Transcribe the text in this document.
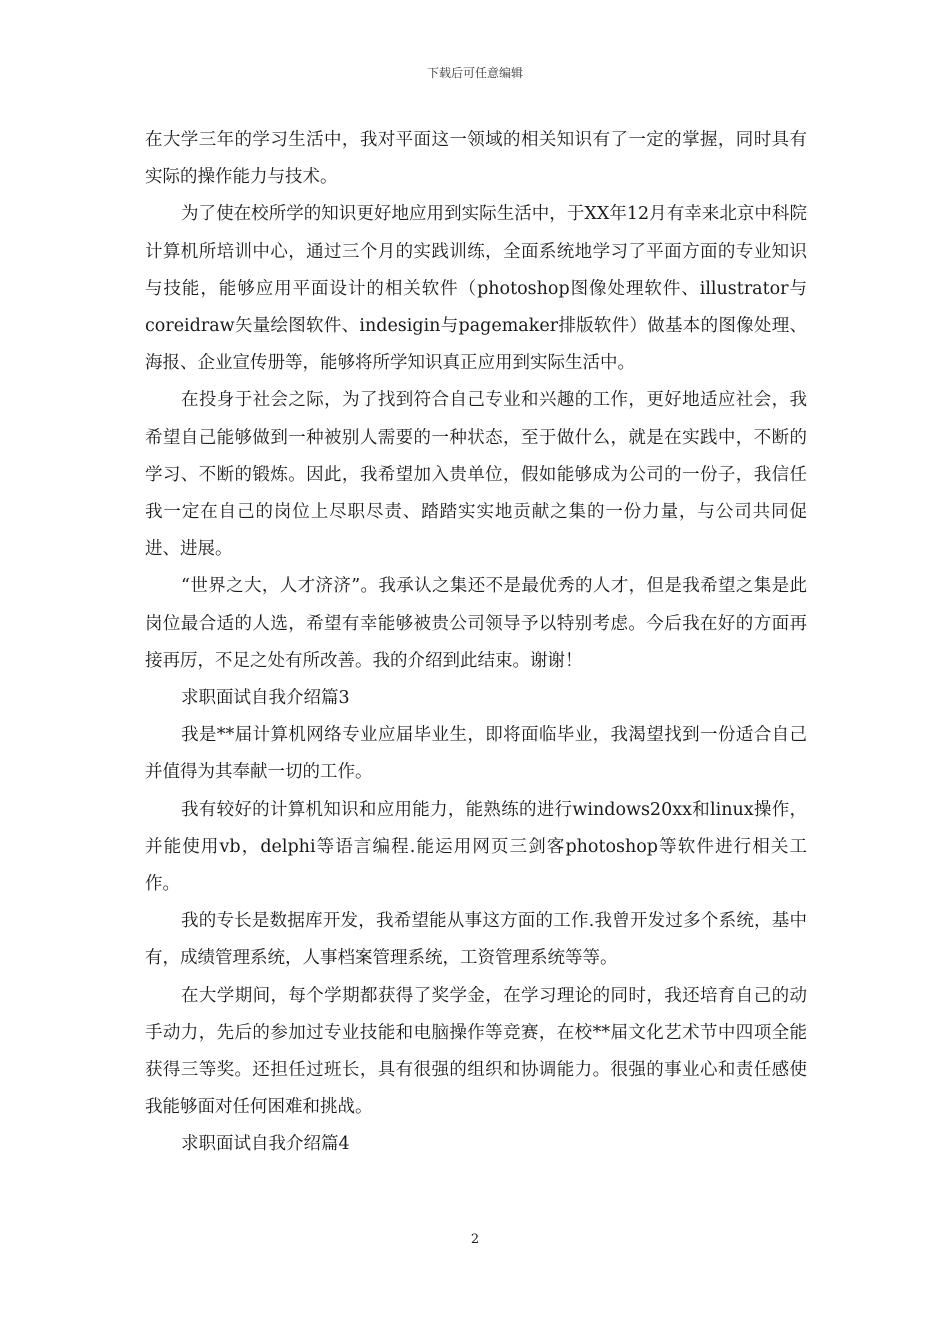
下载后可任意编辑

在大学三年的学习生活中，我对平面这一领域的相关知识有了一定的掌握，同时具有实际的操作能力与技术。

为了使在校所学的知识更好地应用到实际生活中，于XX年12月有幸来北京中科院计算机所培训中心，通过三个月的实践训练，全面系统地学习了平面方面的专业知识与技能，能够应用平面设计的相关软件（photoshop图像处理软件、illustrator与coreidraw矢量绘图软件、indesigin与pagemaker排版软件）做基本的图像处理、海报、企业宣传册等，能够将所学知识真正应用到实际生活中。

在投身于社会之际，为了找到符合自己专业和兴趣的工作，更好地适应社会，我希望自己能够做到一种被别人需要的一种状态，至于做什么，就是在实践中，不断的学习、不断的锻炼。因此，我希望加入贵单位，假如能够成为公司的一份子，我信任我一定在自己的岗位上尽职尽责、踏踏实实地贡献之集的一份力量，与公司共同促进、进展。

“世界之大，人才济济”。我承认之集还不是最优秀的人才，但是我希望之集是此岗位最合适的人选，希望有幸能够被贵公司领导予以特别考虑。今后我在好的方面再接再厉，不足之处有所改善。我的介绍到此结束。谢谢！

求职面试自我介绍篇3

我是**届计算机网络专业应届毕业生，即将面临毕业，我渴望找到一份适合自己并值得为其奉献一切的工作。

我有较好的计算机知识和应用能力，能熟练的进行windows20xx和linux操作，并能使用vb，delphi等语言编程.能运用网页三剑客photoshop等软件进行相关工作。

我的专长是数据库开发，我希望能从事这方面的工作.我曾开发过多个系统，基中有，成绩管理系统，人事档案管理系统，工资管理系统等等。

在大学期间，每个学期都获得了奖学金，在学习理论的同时，我还培育自己的动手动力，先后的参加过专业技能和电脑操作等竞赛，在校**届文化艺术节中四项全能获得三等奖。还担任过班长，具有很强的组织和协调能力。很强的事业心和责任感使我能够面对任何困难和挑战。

求职面试自我介绍篇4

2
